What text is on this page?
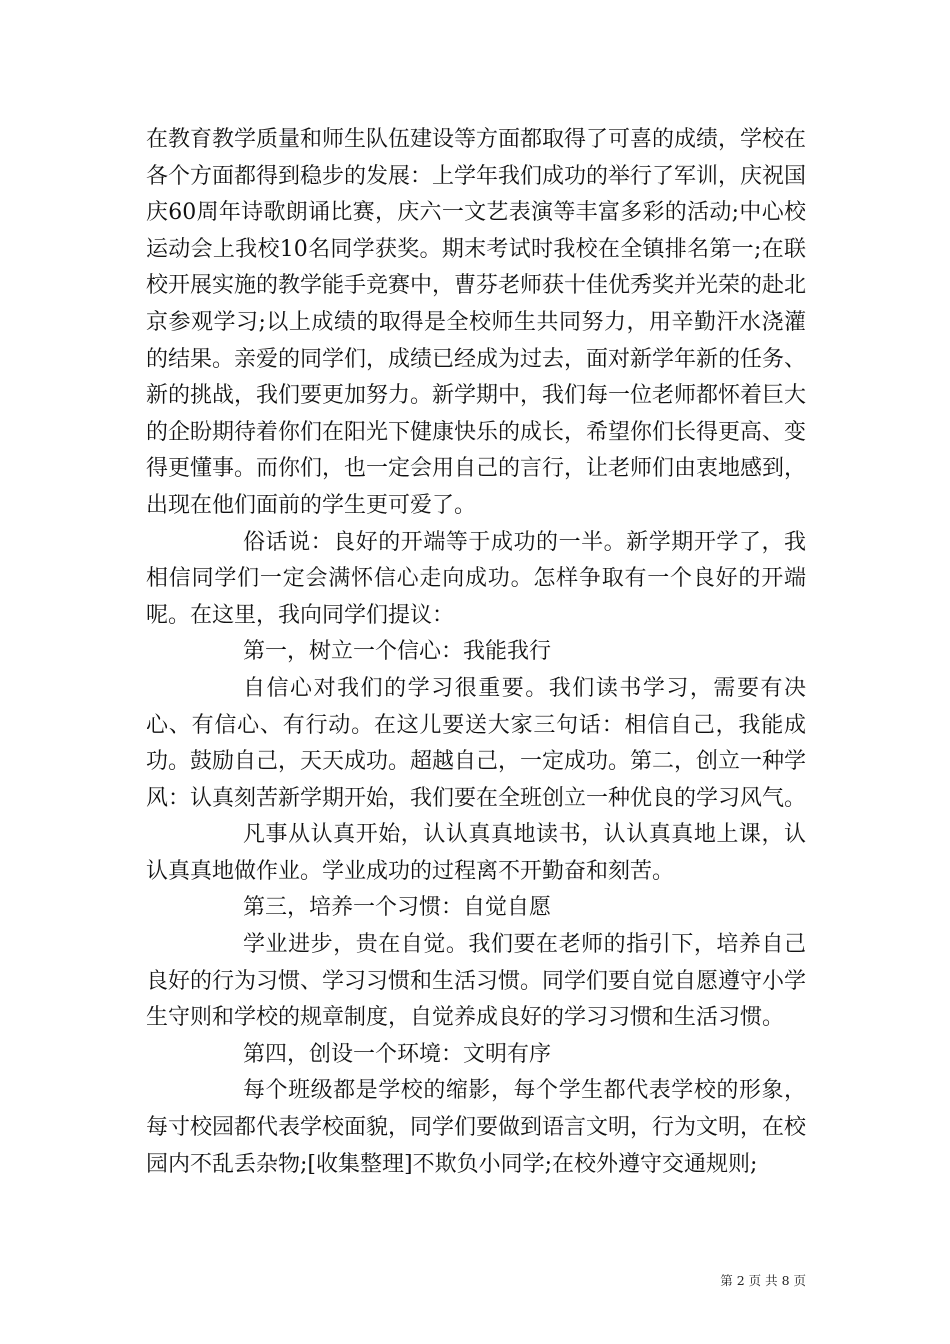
在教育教学质量和师生队伍建设等方面都取得了可喜的成绩，学校在各个方面都得到稳步的发展：上学年我们成功的举行了军训，庆祝国庆60周年诗歌朗诵比赛，庆六一文艺表演等丰富多彩的活动;中心校运动会上我校10名同学获奖。期末考试时我校在全镇排名第一;在联校开展实施的教学能手竞赛中，曹芬老师获十佳优秀奖并光荣的赴北京参观学习;以上成绩的取得是全校师生共同努力，用辛勤汗水浇灌的结果。亲爱的同学们，成绩已经成为过去，面对新学年新的任务、新的挑战，我们要更加努力。新学期中，我们每一位老师都怀着巨大的企盼期待着你们在阳光下健康快乐的成长，希望你们长得更高、变得更懂事。而你们，也一定会用自己的言行，让老师们由衷地感到，出现在他们面前的学生更可爱了。

俗话说：良好的开端等于成功的一半。新学期开学了，我相信同学们一定会满怀信心走向成功。怎样争取有一个良好的开端呢。在这里，我向同学们提议：

第一，树立一个信心：我能我行

自信心对我们的学习很重要。我们读书学习，需要有决心、有信心、有行动。在这儿要送大家三句话：相信自己，我能成功。鼓励自己，天天成功。超越自己，一定成功。第二，创立一种学风：认真刻苦新学期开始，我们要在全班创立一种优良的学习风气。

凡事从认真开始，认认真真地读书，认认真真地上课，认认真真地做作业。学业成功的过程离不开勤奋和刻苦。

第三，培养一个习惯：自觉自愿

学业进步，贵在自觉。我们要在老师的指引下，培养自己良好的行为习惯、学习习惯和生活习惯。同学们要自觉自愿遵守小学生守则和学校的规章制度，自觉养成良好的学习习惯和生活习惯。

第四，创设一个环境：文明有序

每个班级都是学校的缩影，每个学生都代表学校的形象，每寸校园都代表学校面貌，同学们要做到语言文明，行为文明，在校园内不乱丢杂物;[收集整理]不欺负小同学;在校外遵守交通规则;

第 2 页 共 8 页
